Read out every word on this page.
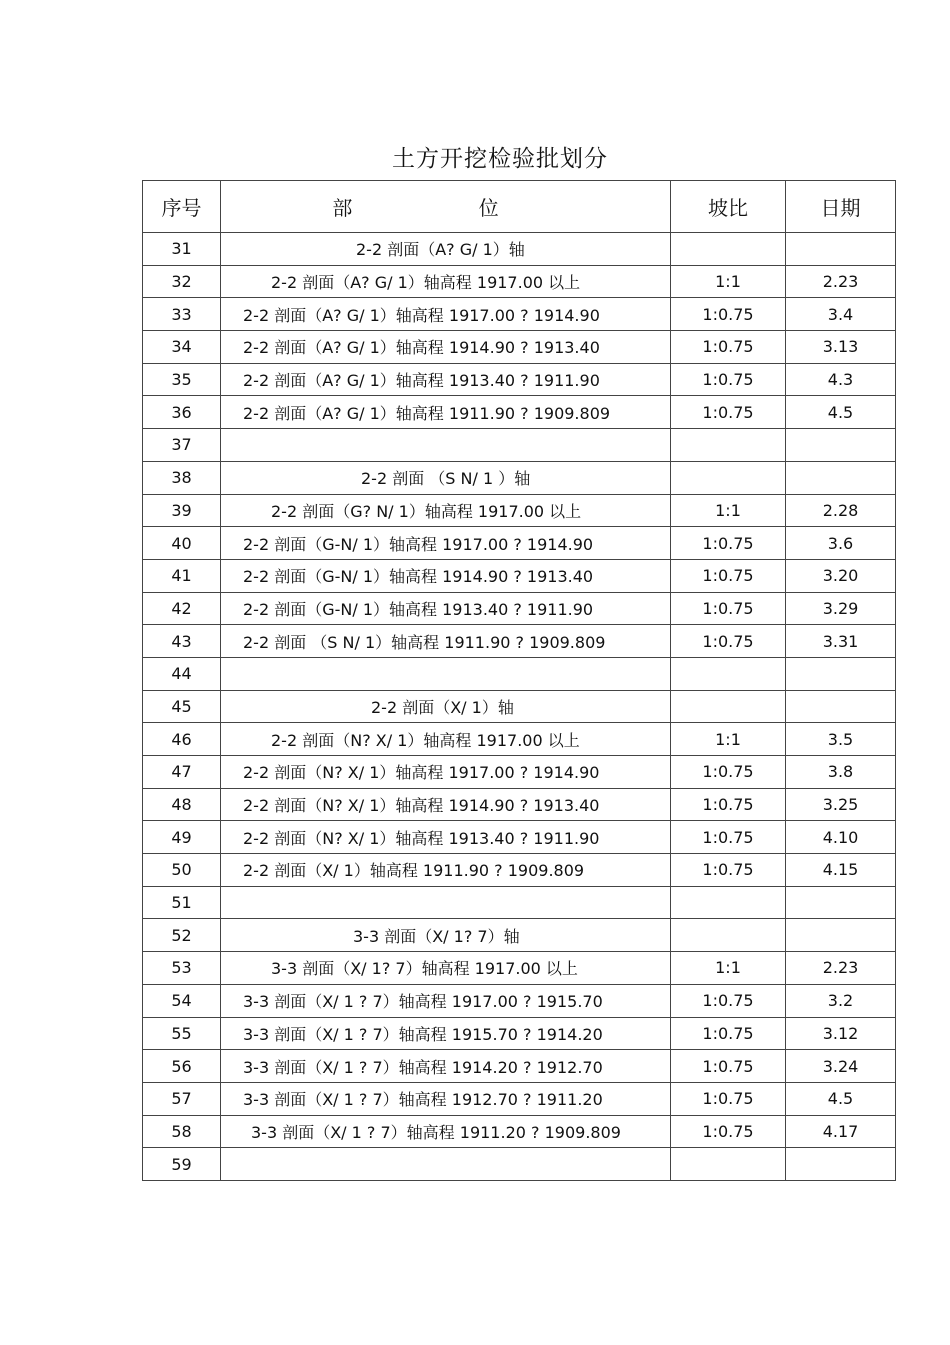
土方开挖检验批划分
序号	部 位	坡比	日期
31	2-2 剖面（A? G/ 1）轴		
32	2-2 剖面（A? G/ 1）轴高程 1917.00 以上	1:1	2.23
33	2-2 剖面（A? G/ 1）轴高程 1917.00 ? 1914.90	1:0.75	3.4
34	2-2 剖面（A? G/ 1）轴高程 1914.90 ? 1913.40	1:0.75	3.13
35	2-2 剖面（A? G/ 1）轴高程 1913.40 ? 1911.90	1:0.75	4.3
36	2-2 剖面（A? G/ 1）轴高程 1911.90 ? 1909.809	1:0.75	4.5
37			
38	2-2 剖面 （S N/ 1 ）轴		
39	2-2 剖面（G? N/ 1）轴高程 1917.00 以上	1:1	2.28
40	2-2 剖面（G-N/ 1）轴高程 1917.00 ? 1914.90	1:0.75	3.6
41	2-2 剖面（G-N/ 1）轴高程 1914.90 ? 1913.40	1:0.75	3.20
42	2-2 剖面（G-N/ 1）轴高程 1913.40 ? 1911.90	1:0.75	3.29
43	2-2 剖面 （S N/ 1）轴高程 1911.90 ? 1909.809	1:0.75	3.31
44			
45	2-2 剖面（X/ 1）轴		
46	2-2 剖面（N? X/ 1）轴高程 1917.00 以上	1:1	3.5
47	2-2 剖面（N? X/ 1）轴高程 1917.00 ? 1914.90	1:0.75	3.8
48	2-2 剖面（N? X/ 1）轴高程 1914.90 ? 1913.40	1:0.75	3.25
49	2-2 剖面（N? X/ 1）轴高程 1913.40 ? 1911.90	1:0.75	4.10
50	2-2 剖面（X/ 1）轴高程 1911.90 ? 1909.809	1:0.75	4.15
51			
52	3-3 剖面（X/ 1? 7）轴		
53	3-3 剖面（X/ 1? 7）轴高程 1917.00 以上	1:1	2.23
54	3-3 剖面（X/ 1 ? 7）轴高程 1917.00 ? 1915.70	1:0.75	3.2
55	3-3 剖面（X/ 1 ? 7）轴高程 1915.70 ? 1914.20	1:0.75	3.12
56	3-3 剖面（X/ 1 ? 7）轴高程 1914.20 ? 1912.70	1:0.75	3.24
57	3-3 剖面（X/ 1 ? 7）轴高程 1912.70 ? 1911.20	1:0.75	4.5
58	3-3 剖面（X/ 1 ? 7）轴高程 1911.20 ? 1909.809	1:0.75	4.17
59			
